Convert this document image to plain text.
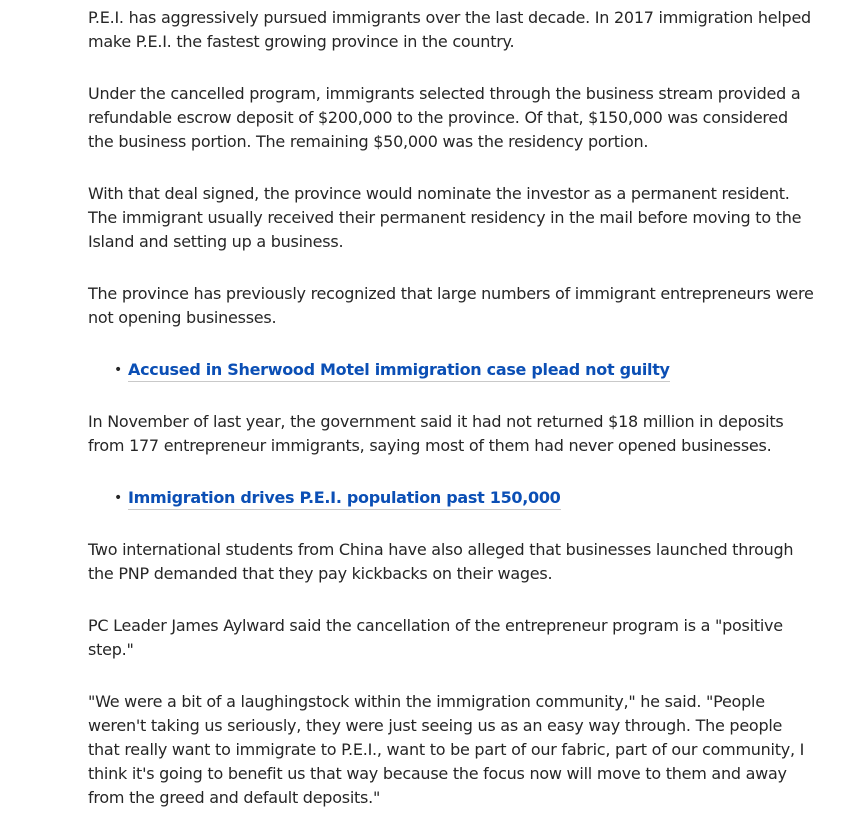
P.E.I. has aggressively pursued immigrants over the last decade. In 2017 immigration helped make P.E.I. the fastest growing province in the country.

Under the cancelled program, immigrants selected through the business stream provided a refundable escrow deposit of $200,000 to the province. Of that, $150,000 was considered the business portion. The remaining $50,000 was the residency portion.

With that deal signed, the province would nominate the investor as a permanent resident. The immigrant usually received their permanent residency in the mail before moving to the Island and setting up a business.

The province has previously recognized that large numbers of immigrant entrepreneurs were not opening businesses.

• Accused in Sherwood Motel immigration case plead not guilty

In November of last year, the government said it had not returned $18 million in deposits from 177 entrepreneur immigrants, saying most of them had never opened businesses.

• Immigration drives P.E.I. population past 150,000

Two international students from China have also alleged that businesses launched through the PNP demanded that they pay kickbacks on their wages.

PC Leader James Aylward said the cancellation of the entrepreneur program is a "positive step."

"We were a bit of a laughingstock within the immigration community," he said. "People weren't taking us seriously, they were just seeing us as an easy way through. The people that really want to immigrate to P.E.I., want to be part of our fabric, part of our community, I think it's going to benefit us that way because the focus now will move to them and away from the greed and default deposits."
